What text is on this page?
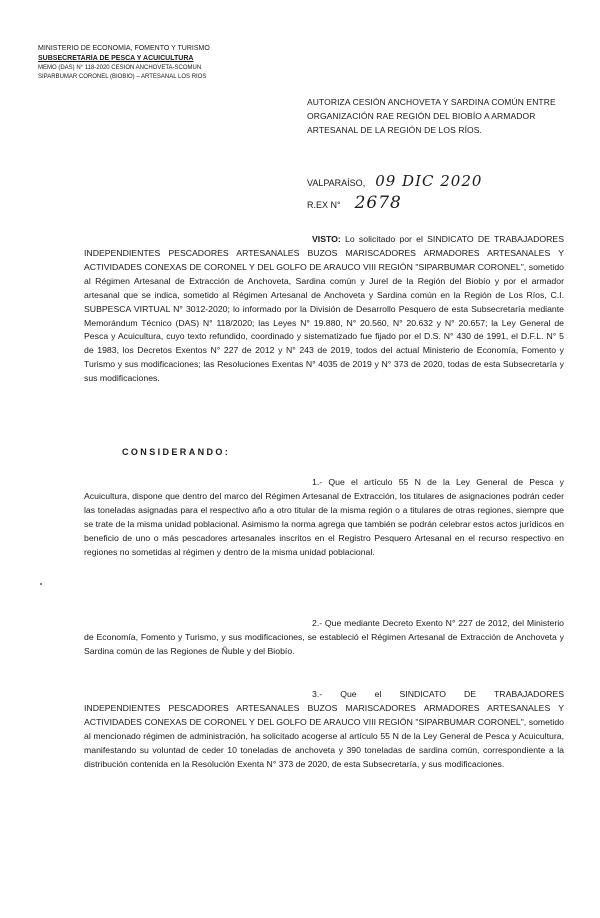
MINISTERIO DE ECONOMÍA, FOMENTO Y TURISMO
SUBSECRETARÍA DE PESCA Y ACUICULTURA
MEMO (DAS) N° 118-2020 CESIÓN ANCHOVETA-SCOMÚN
SIPARBUMAR CORONEL (BIOBÍO) – ARTESANAL LOS RÍOS
AUTORIZA CESIÓN ANCHOVETA Y SARDINA COMÚN ENTRE ORGANIZACIÓN RAE REGIÓN DEL BIOBÍO A ARMADOR ARTESANAL DE LA REGIÓN DE LOS RÍOS.
VALPARAÍSO, 09 DIC 2020
R.EX N° 2678
VISTO: Lo solicitado por el SINDICATO DE TRABAJADORES INDEPENDIENTES PESCADORES ARTESANALES BUZOS MARISCADORES ARMADORES ARTESANALES Y ACTIVIDADES CONEXAS DE CORONEL Y DEL GOLFO DE ARAUCO VIII REGIÓN "SIPARBUMAR CORONEL", sometido al Régimen Artesanal de Extracción de Anchoveta, Sardina común y Jurel de la Región del Biobío y por el armador artesanal que se indica, sometido al Régimen Artesanal de Anchoveta y Sardina común en la Región de Los Ríos, C.I. SUBPESCA VIRTUAL N° 3012-2020; lo informado por la División de Desarrollo Pesquero de esta Subsecretaría mediante Memorándum Técnico (DAS) N° 118/2020; las Leyes N° 19.880, N° 20.560, N° 20.632 y N° 20.657; la Ley General de Pesca y Acuicultura, cuyo texto refundido, coordinado y sistematizado fue fijado por el D.S. N° 430 de 1991, el D.F.L. N° 5 de 1983, los Decretos Exentos N° 227 de 2012 y N° 243 de 2019, todos del actual Ministerio de Economía, Fomento y Turismo y sus modificaciones; las Resoluciones Exentas N° 4035 de 2019 y N° 373 de 2020, todas de esta Subsecretaría y sus modificaciones.
CONSIDERANDO:
1.- Que el artículo 55 N de la Ley General de Pesca y Acuicultura, dispone que dentro del marco del Régimen Artesanal de Extracción, los titulares de asignaciones podrán ceder las toneladas asignadas para el respectivo año a otro titular de la misma región o a titulares de otras regiones, siempre que se trate de la misma unidad poblacional. Asimismo la norma agrega que también se podrán celebrar estos actos jurídicos en beneficio de uno o más pescadores artesanales inscritos en el Registro Pesquero Artesanal en el recurso respectivo en regiones no sometidas al régimen y dentro de la misma unidad poblacional.
2.- Que mediante Decreto Exento N° 227 de 2012, del Ministerio de Economía, Fomento y Turismo, y sus modificaciones, se estableció el Régimen Artesanal de Extracción de Anchoveta y Sardina común de las Regiones de Ñuble y del Biobío.
3.- Que el SINDICATO DE TRABAJADORES INDEPENDIENTES PESCADORES ARTESANALES BUZOS MARISCADORES ARMADORES ARTESANALES Y ACTIVIDADES CONEXAS DE CORONEL Y DEL GOLFO DE ARAUCO VIII REGIÓN "SIPARBUMAR CORONEL", sometido al mencionado régimen de administración, ha solicitado acogerse al artículo 55 N de la Ley General de Pesca y Acuicultura, manifestando su voluntad de ceder 10 toneladas de anchoveta y 390 toneladas de sardina común, correspondiente a la distribución contenida en la Resolución Exenta N° 373 de 2020, de esta Subsecretaría, y sus modificaciones.
